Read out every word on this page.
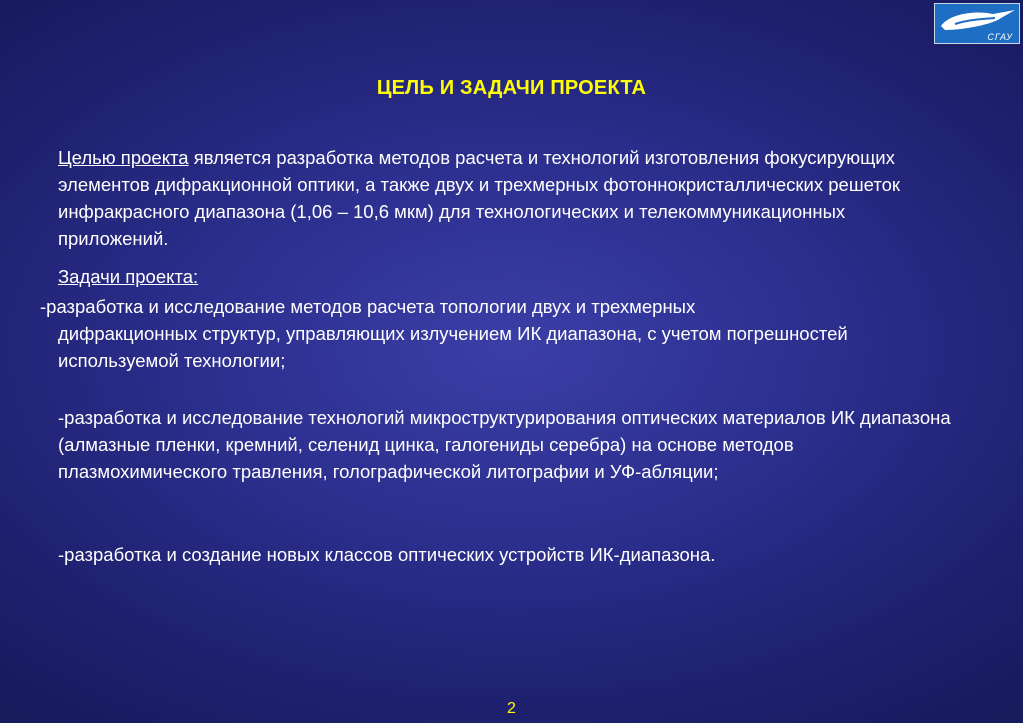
СГАУ
ЦЕЛЬ И ЗАДАЧИ ПРОЕКТА
Целью проекта является разработка методов расчета и технологий изготовления фокусирующих элементов дифракционной оптики, а также двух и трехмерных фотоннокристаллических решеток инфракрасного диапазона (1,06 – 10,6 мкм) для технологических и телекоммуникационных приложений.
Задачи проекта:
-разработка и исследование методов расчета топологии двух и трехмерных
дифракционных структур, управляющих излучением ИК диапазона, с учетом погрешностей используемой технологии;
-разработка и исследование технологий микроструктурирования оптических материалов ИК диапазона (алмазные пленки, кремний, селенид цинка, галогениды серебра) на основе методов плазмохимического травления, голографической литографии и УФ-абляции;
-разработка и создание новых классов оптических устройств ИК-диапазона.
2
